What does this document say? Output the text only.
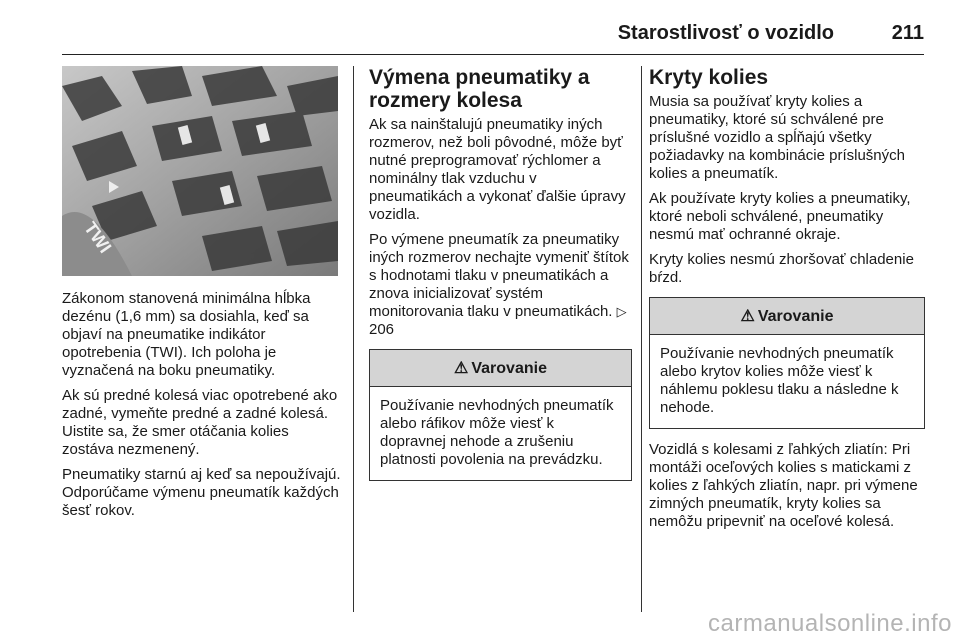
Starostlivosť o vozidlo	211
TWI

Zákonom stanovená minimálna hĺbka dezénu (1,6 mm) sa dosiahla, keď sa objaví na pneumatike indikátor opotrebenia (TWI). Ich poloha je vyznačená na boku pneumatiky.

Ak sú predné kolesá viac opotrebené ako zadné, vymeňte predné a zadné kolesá. Uistite sa, že smer otáčania kolies zostáva nezmenený.

Pneumatiky starnú aj keď sa nepoužívajú. Odporúčame výmenu pneumatík každých šesť rokov.

Výmena pneumatiky a rozmery kolesa

Ak sa nainštalujú pneumatiky iných rozmerov, než boli pôvodné, môže byť nutné preprogramovať rýchlomer a nominálny tlak vzduchu v pneumatikách a vykonať ďalšie úpravy vozidla.

Po výmene pneumatík za pneumatiky iných rozmerov nechajte vymeniť štítok s hodnotami tlaku v pneumatikách a znova inicializovať systém monitorovania tlaku v pneumatikách. ▷ 206

⚠ Varovanie

Používanie nevhodných pneumatík alebo ráfikov môže viesť k dopravnej nehode a zrušeniu platnosti povolenia na prevádzku.

Kryty kolies

Musia sa používať kryty kolies a pneumatiky, ktoré sú schválené pre príslušné vozidlo a spĺňajú všetky požiadavky na kombinácie príslušných kolies a pneumatík.

Ak používate kryty kolies a pneumatiky, ktoré neboli schválené, pneumatiky nesmú mať ochranné okraje.

Kryty kolies nesmú zhoršovať chladenie bŕzd.

⚠ Varovanie

Používanie nevhodných pneumatík alebo krytov kolies môže viesť k náhlemu poklesu tlaku a následne k nehode.

Vozidlá s kolesami z ľahkých zliatín: Pri montáži oceľových kolies s matickami z kolies z ľahkých zliatín, napr. pri výmene zimných pneumatík, kryty kolies sa nemôžu pripevniť na oceľové kolesá.

carmanualsonline.info
